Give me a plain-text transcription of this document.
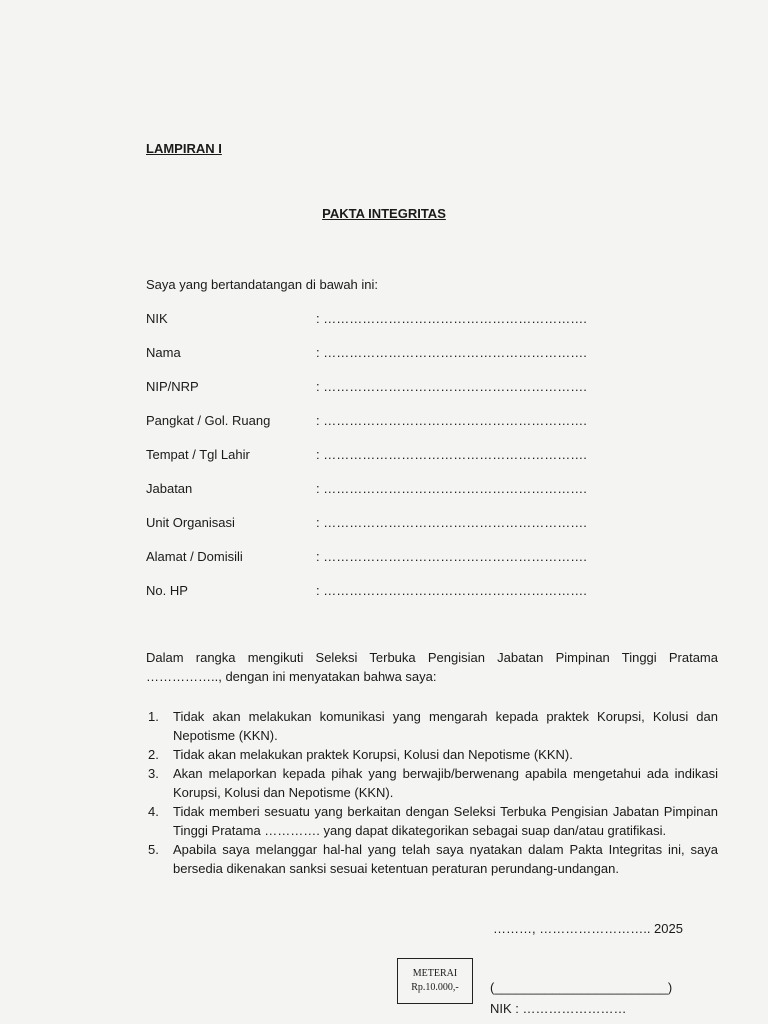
LAMPIRAN I
PAKTA INTEGRITAS
Saya yang bertandatangan di bawah ini:
NIK	: …………………………………………………….
Nama	: …………………………………………………….
NIP/NRP	: …………………………………………………….
Pangkat / Gol. Ruang	: …………………………………………………….
Tempat / Tgl Lahir	: …………………………………………………….
Jabatan	: …………………………………………………….
Unit Organisasi	: …………………………………………………….
Alamat / Domisili	: …………………………………………………….
No. HP	: …………………………………………………….
Dalam rangka mengikuti Seleksi Terbuka Pengisian Jabatan Pimpinan Tinggi Pratama …………….., dengan ini menyatakan bahwa saya:
1. Tidak akan melakukan komunikasi yang mengarah kepada praktek Korupsi, Kolusi dan Nepotisme (KKN).
2. Tidak akan melakukan praktek Korupsi, Kolusi dan Nepotisme (KKN).
3. Akan melaporkan kepada pihak yang berwajib/berwenang apabila mengetahui ada indikasi Korupsi, Kolusi dan Nepotisme (KKN).
4. Tidak memberi sesuatu yang berkaitan dengan Seleksi Terbuka Pengisian Jabatan Pimpinan Tinggi Pratama …………. yang dapat dikategorikan sebagai suap dan/atau gratifikasi.
5. Apabila saya melanggar hal-hal yang telah saya nyatakan dalam Pakta Integritas ini, saya bersedia dikenakan sanksi sesuai ketentuan peraturan perundang-undangan.
………, …………………….. 2025
METERAI
Rp.10.000,-	(________________________)
NIK : ……………………
